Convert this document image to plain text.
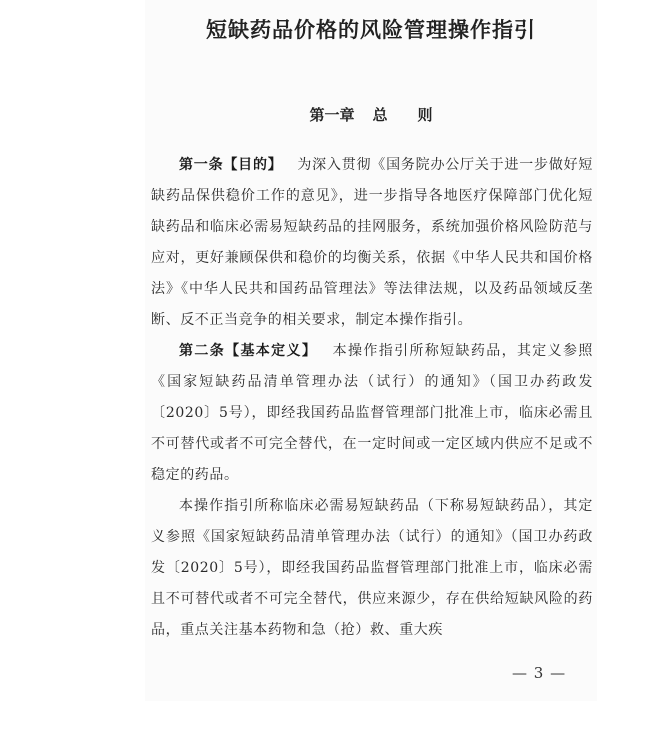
短缺药品价格的风险管理操作指引
第一章 总 则

第一条【目的】  为深入贯彻《国务院办公厅关于进一步做好短缺药品保供稳价工作的意见》，进一步指导各地医疗保障部门优化短缺药品和临床必需易短缺药品的挂网服务，系统加强价格风险防范与应对，更好兼顾保供和稳价的均衡关系，依据《中华人民共和国价格法》《中华人民共和国药品管理法》等法律法规，以及药品领域反垄断、反不正当竞争的相关要求，制定本操作指引。

第二条【基本定义】  本操作指引所称短缺药品，其定义参照《国家短缺药品清单管理办法（试行）的通知》（国卫办药政发〔2020〕5号），即经我国药品监督管理部门批准上市，临床必需且不可替代或者不可完全替代，在一定时间或一定区域内供应不足或不稳定的药品。

本操作指引所称临床必需易短缺药品（下称易短缺药品），其定义参照《国家短缺药品清单管理办法（试行）的通知》（国卫办药政发〔2020〕5号），即经我国药品监督管理部门批准上市，临床必需且不可替代或者不可完全替代，供应来源少，存在供给短缺风险的药品，重点关注基本药物和急（抢）救、重大疾

— 3 —
